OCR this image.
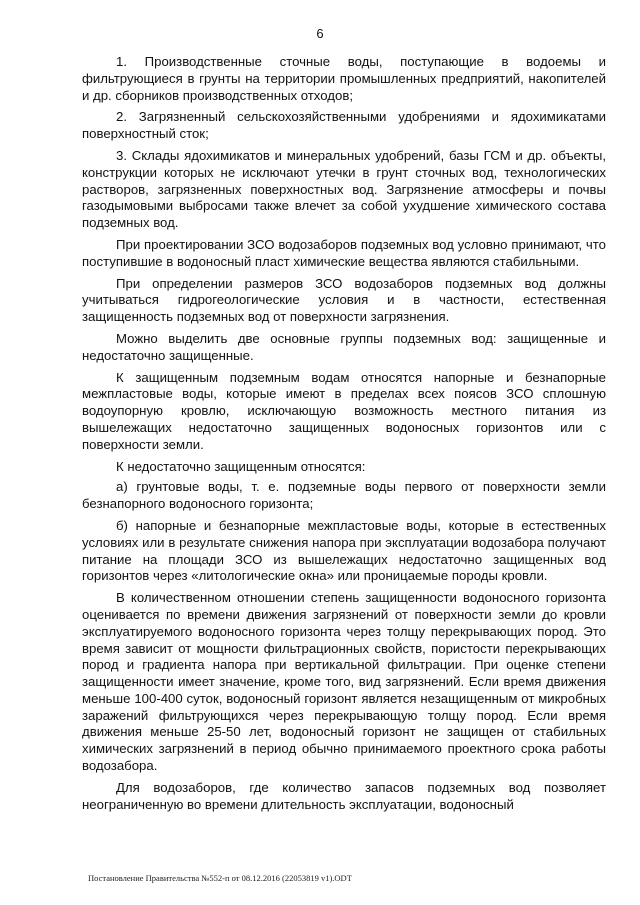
6

1. Производственные сточные воды, поступающие в водоемы и фильтрующиеся в грунты на территории промышленных предприятий, накопителей и др. сборников производственных отходов;

2. Загрязненный сельскохозяйственными удобрениями и ядохимикатами поверхностный сток;

3. Склады ядохимикатов и минеральных удобрений, базы ГСМ и др. объекты, конструкции которых не исключают утечки в грунт сточных вод, технологических растворов, загрязненных поверхностных вод. Загрязнение атмосферы и почвы газодымовыми выбросами также влечет за собой ухудшение химического состава подземных вод.

При проектировании ЗСО водозаборов подземных вод условно принимают, что поступившие в водоносный пласт химические вещества являются стабильными.

При определении размеров ЗСО водозаборов подземных вод должны учитываться гидрогеологические условия и в частности, естественная защищенность подземных вод от поверхности загрязнения.

Можно выделить две основные группы подземных вод: защищенные и недостаточно защищенные.

К защищенным подземным водам относятся напорные и безнапорные межпластовые воды, которые имеют в пределах всех поясов ЗСО сплошную водоупорную кровлю, исключающую возможность местного питания из вышележащих недостаточно защищенных водоносных горизонтов или с поверхности земли.

К недостаточно защищенным относятся:

а) грунтовые воды, т. е. подземные воды первого от поверхности земли безнапорного водоносного горизонта;

б) напорные и безнапорные межпластовые воды, которые в естественных условиях или в результате снижения напора при эксплуатации водозабора получают питание на площади ЗСО из вышележащих недостаточно защищенных вод горизонтов через «литологические окна» или проницаемые породы кровли.

В количественном отношении степень защищенности водоносного горизонта оценивается по времени движения загрязнений от поверхности земли до кровли эксплуатируемого водоносного горизонта через толщу перекрывающих пород. Это время зависит от мощности фильтрационных свойств, пористости перекрывающих пород и градиента напора при вертикальной фильтрации. При оценке степени защищенности имеет значение, кроме того, вид загрязнений. Если время движения меньше 100-400 суток, водоносный горизонт является незащищенным от микробных заражений фильтрующихся через перекрывающую толщу пород. Если время движения меньше 25-50 лет, водоносный горизонт не защищен от стабильных химических загрязнений в период обычно принимаемого проектного срока работы водозабора.

Для водозаборов, где количество запасов подземных вод позволяет неограниченную во времени длительность эксплуатации, водоносный

Постановление Правительства №552-п от 08.12.2016 (22053819 v1).ODT
